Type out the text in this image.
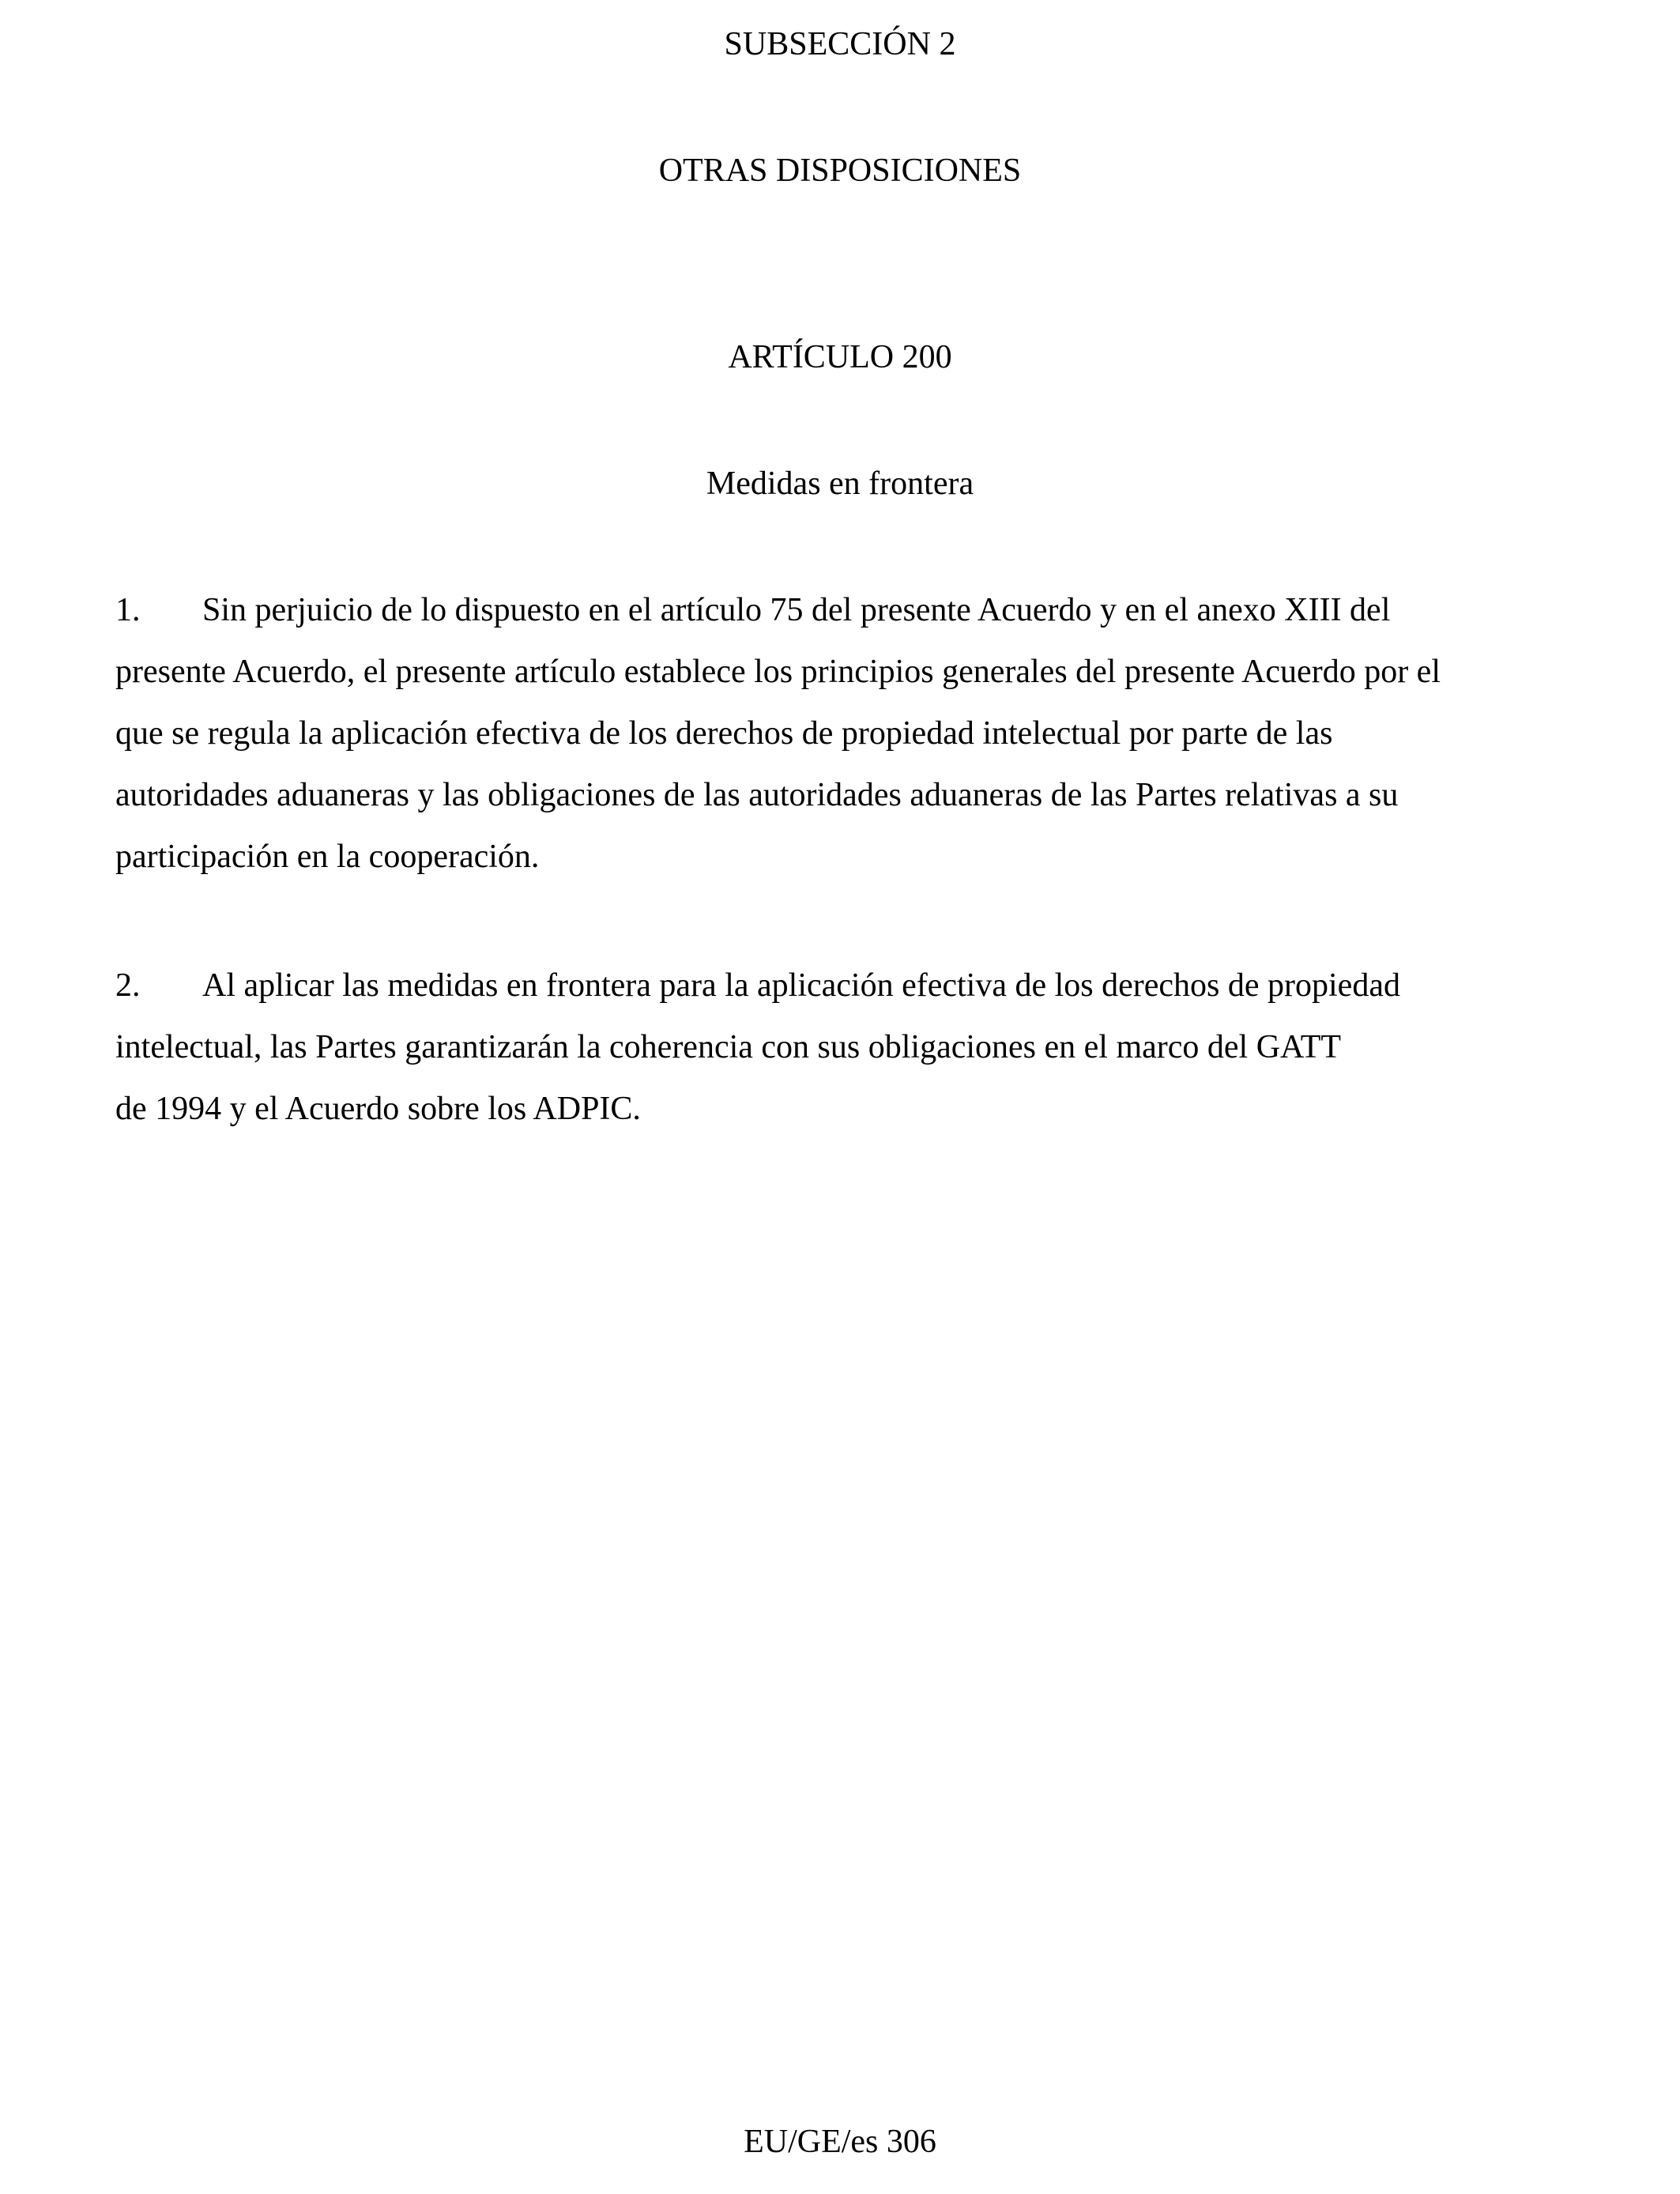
SUBSECCIÓN 2
OTRAS DISPOSICIONES
ARTÍCULO 200
Medidas en frontera
1. Sin perjuicio de lo dispuesto en el artículo 75 del presente Acuerdo y en el anexo XIII del
presente Acuerdo, el presente artículo establece los principios generales del presente Acuerdo por el
que se regula la aplicación efectiva de los derechos de propiedad intelectual por parte de las
autoridades aduaneras y las obligaciones de las autoridades aduaneras de las Partes relativas a su
participación en la cooperación.
2. Al aplicar las medidas en frontera para la aplicación efectiva de los derechos de propiedad
intelectual, las Partes garantizarán la coherencia con sus obligaciones en el marco del GATT
de 1994 y el Acuerdo sobre los ADPIC.
EU/GE/es 306
